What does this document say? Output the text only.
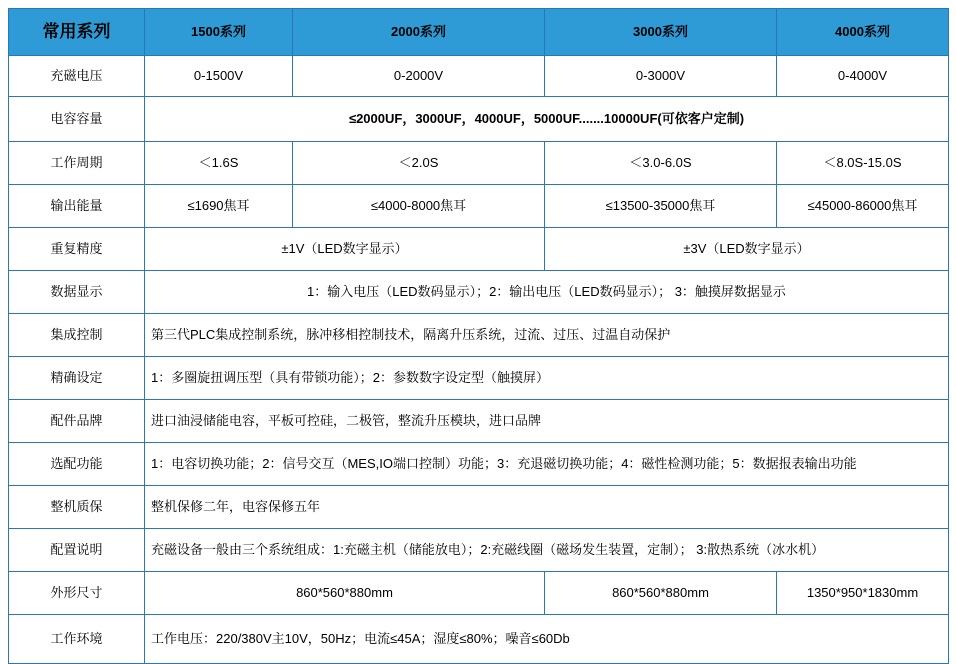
常用系列	1500系列	2000系列	3000系列	4000系列
充磁电压	0-1500V	0-2000V	0-3000V	0-4000V
电容容量	≤2000UF，3000UF，4000UF，5000UF.......10000UF(可依客户定制)			
工作周期	＜1.6S	＜2.0S	＜3.0-6.0S	＜8.0S-15.0S
输出能量	≤1690焦耳	≤4000-8000焦耳	≤13500-35000焦耳	≤45000-86000焦耳
重复精度	±1V（LED数字显示）		±3V（LED数字显示）	
数据显示	1：输入电压（LED数码显示）；2：输出电压（LED数码显示）； 3：触摸屏数据显示			
集成控制	第三代PLC集成控制系统，脉冲移相控制技术，隔离升压系统，过流、过压、过温自动保护			
精确设定	1：多圈旋扭调压型（具有带锁功能）；2：参数数字设定型（触摸屏）			
配件品牌	进口油浸储能电容，平板可控硅，二极管，整流升压模块，进口品牌			
选配功能	1：电容切换功能；2：信号交互（MES,IO端口控制）功能；3：充退磁切换功能；4：磁性检测功能；5：数据报表输出功能			
整机质保	整机保修二年，电容保修五年			
配置说明	充磁设备一般由三个系统组成：1:充磁主机（储能放电）；2:充磁线圈（磁场发生装置，定制）； 3:散热系统（冰水机）			
外形尺寸	860*560*880mm		860*560*880mm	1350*950*1830mm
工作环境	工作电压：220/380V主10V，50Hz；电流≤45A；湿度≤80%；噪音≤60Db			
